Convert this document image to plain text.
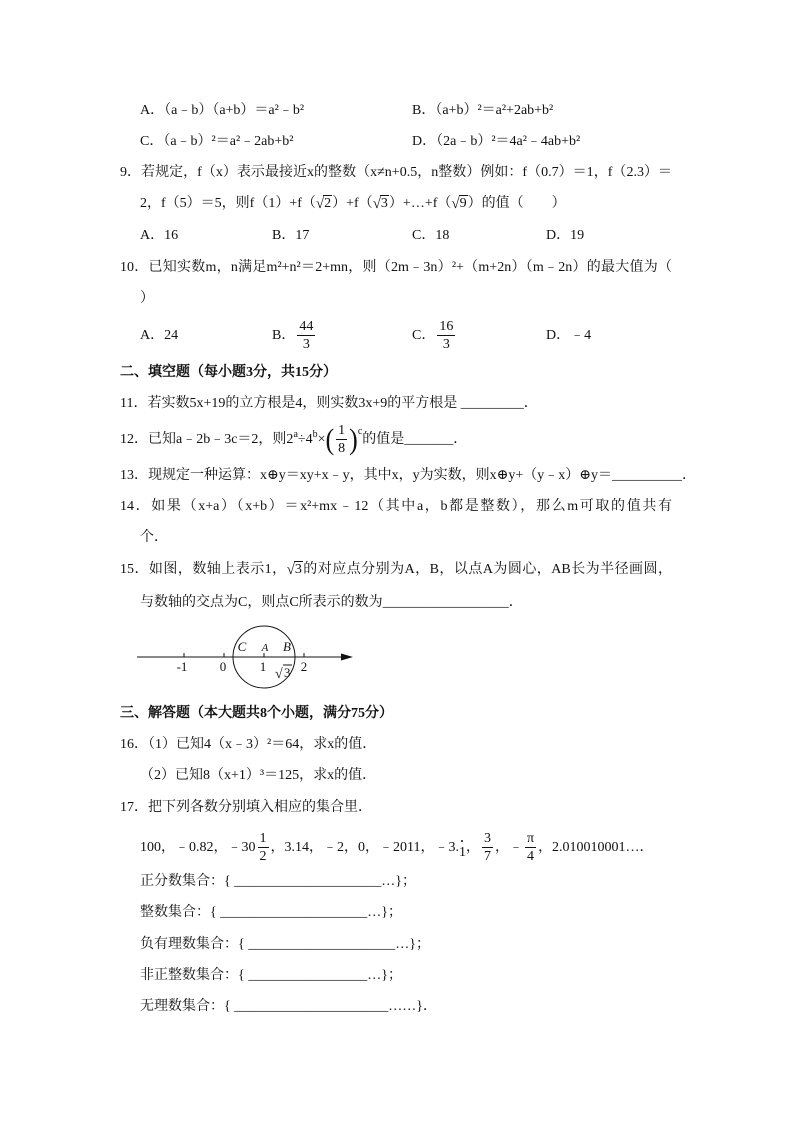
A．（a﹣b）（a+b）＝a²﹣b²	B．（a+b）²＝a²+2ab+b²
C．（a﹣b）²＝a²﹣2ab+b²	D．（2a﹣b）²＝4a²﹣4ab+b²
9．若规定，f（x）表示最接近x的整数（x≠n+0.5，n整数）例如：f（0.7）＝1，f（2.3）＝
2，f（5）＝5，则f（1）+f（√2）+f（√3）+…+f（√9）的值（　　）
A．16	B．17	C．18	D．19
10．已知实数m，n满足m²+n²＝2+mn，则（2m﹣3n）²+（m+2n）（m﹣2n）的最大值为（
）
A．24	B． $\frac{44}{3}$	C． $\frac{16}{3}$	D．﹣4
二、填空题（每小题3分，共15分）
11．若实数5x+19的立方根是4，则实数3x+9的平方根是 _________．
12．已知a﹣2b﹣3c＝2，则$2^a\div 4^b\times( \frac{1}{8} )^c$的值是_______．
13．现规定一种运算：x⊕y＝xy+x﹣y，其中x，y为实数，则x⊕y+（y﹣x）⊕y＝__________．
14．如果（x+a）（x+b）＝x²+mx﹣12（其中a，b都是整数），那么m可取的值共有
个．
15．如图，数轴上表示1，√3的对应点分别为A，B，以点A为圆心，AB长为半径画圆，
与数轴的交点为C，则点C所表示的数为__________________．
-1 0	1	2
C A B
√ 3
三、解答题（本大题共8个小题，满分75分）
16．（1）已知4（x﹣3）²＝64，求x的值．
（2）已知8（x+1）³＝125，求x的值．
17．把下列各数分别填入相应的集合里．
100，﹣0.82，﹣30 $\frac{1}{2}$ ，3.14，﹣2，0，﹣2011，﹣3.1， $\frac{3}{7}$ ，﹣ $\frac{\pi}{4}$ ，2.010010001…．
正分数集合：{ _____________________…}；
整数集合：{ _____________________…}；
负有理数集合：{ _____________________…}；
非正整数集合：{ _________________…}；
无理数集合：{ ______________________……}．
